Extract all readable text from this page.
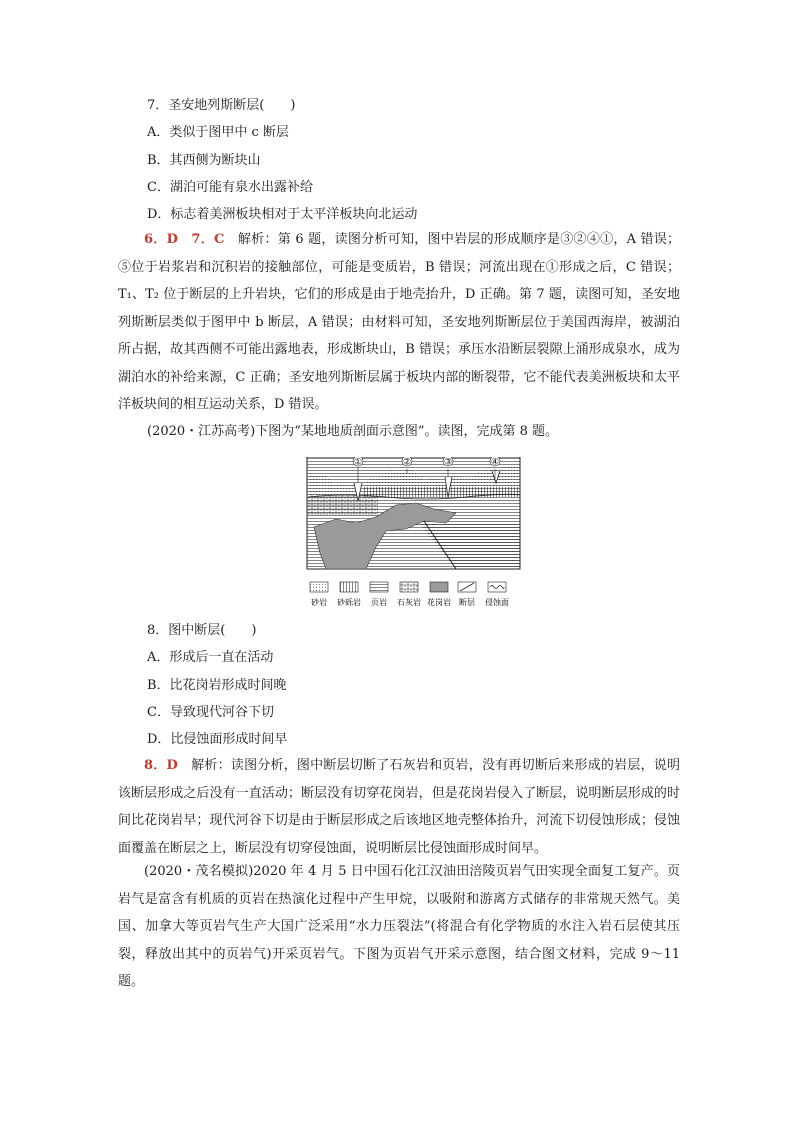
7．圣安地列斯断层(　　)
A．类似于图甲中 c 断层
B．其西侧为断块山
C．湖泊可能有泉水出露补给
D．标志着美洲板块相对于太平洋板块向北运动
6．D　7．C　解析：第 6 题，读图分析可知，图中岩层的形成顺序是③②④①，A 错误；⑤位于岩浆岩和沉积岩的接触部位，可能是变质岩，B 错误；河流出现在①形成之后，C 错误；T₁、T₂ 位于断层的上升岩块，它们的形成是由于地壳抬升，D 正确。第 7 题，读图可知，圣安地列斯断层类似于图甲中 b 断层，A 错误；由材料可知，圣安地列斯断层位于美国西海岸，被湖泊所占据，故其西侧不可能出露地表，形成断块山，B 错误；承压水沿断层裂隙上涌形成泉水，成为湖泊水的补给来源，C 正确；圣安地列斯断层属于板块内部的断裂带，它不能代表美洲板块和太平洋板块间的相互运动关系，D 错误。
(2020・江苏高考)下图为“某地地质剖面示意图”。读图，完成第 8 题。
①	②	③	④
砂岩 砂砾岩 页岩 石灰岩 花岗岩 断层 侵蚀面
8．图中断层(　　)
A．形成后一直在活动
B．比花岗岩形成时间晚
C．导致现代河谷下切
D．比侵蚀面形成时间早
8．D　解析：读图分析，图中断层切断了石灰岩和页岩，没有再切断后来形成的岩层，说明该断层形成之后没有一直活动；断层没有切穿花岗岩，但是花岗岩侵入了断层，说明断层形成的时间比花岗岩早；现代河谷下切是由于断层形成之后该地区地壳整体抬升，河流下切侵蚀形成；侵蚀面覆盖在断层之上，断层没有切穿侵蚀面，说明断层比侵蚀面形成时间早。
(2020・茂名模拟)2020 年 4 月 5 日中国石化江汉油田涪陵页岩气田实现全面复工复产。页岩气是富含有机质的页岩在热演化过程中产生甲烷，以吸附和游离方式储存的非常规天然气。美国、加拿大等页岩气生产大国广泛采用“水力压裂法”(将混合有化学物质的水注入岩石层使其压裂，释放出其中的页岩气)开采页岩气。下图为页岩气开采示意图，结合图文材料，完成 9～11 题。
